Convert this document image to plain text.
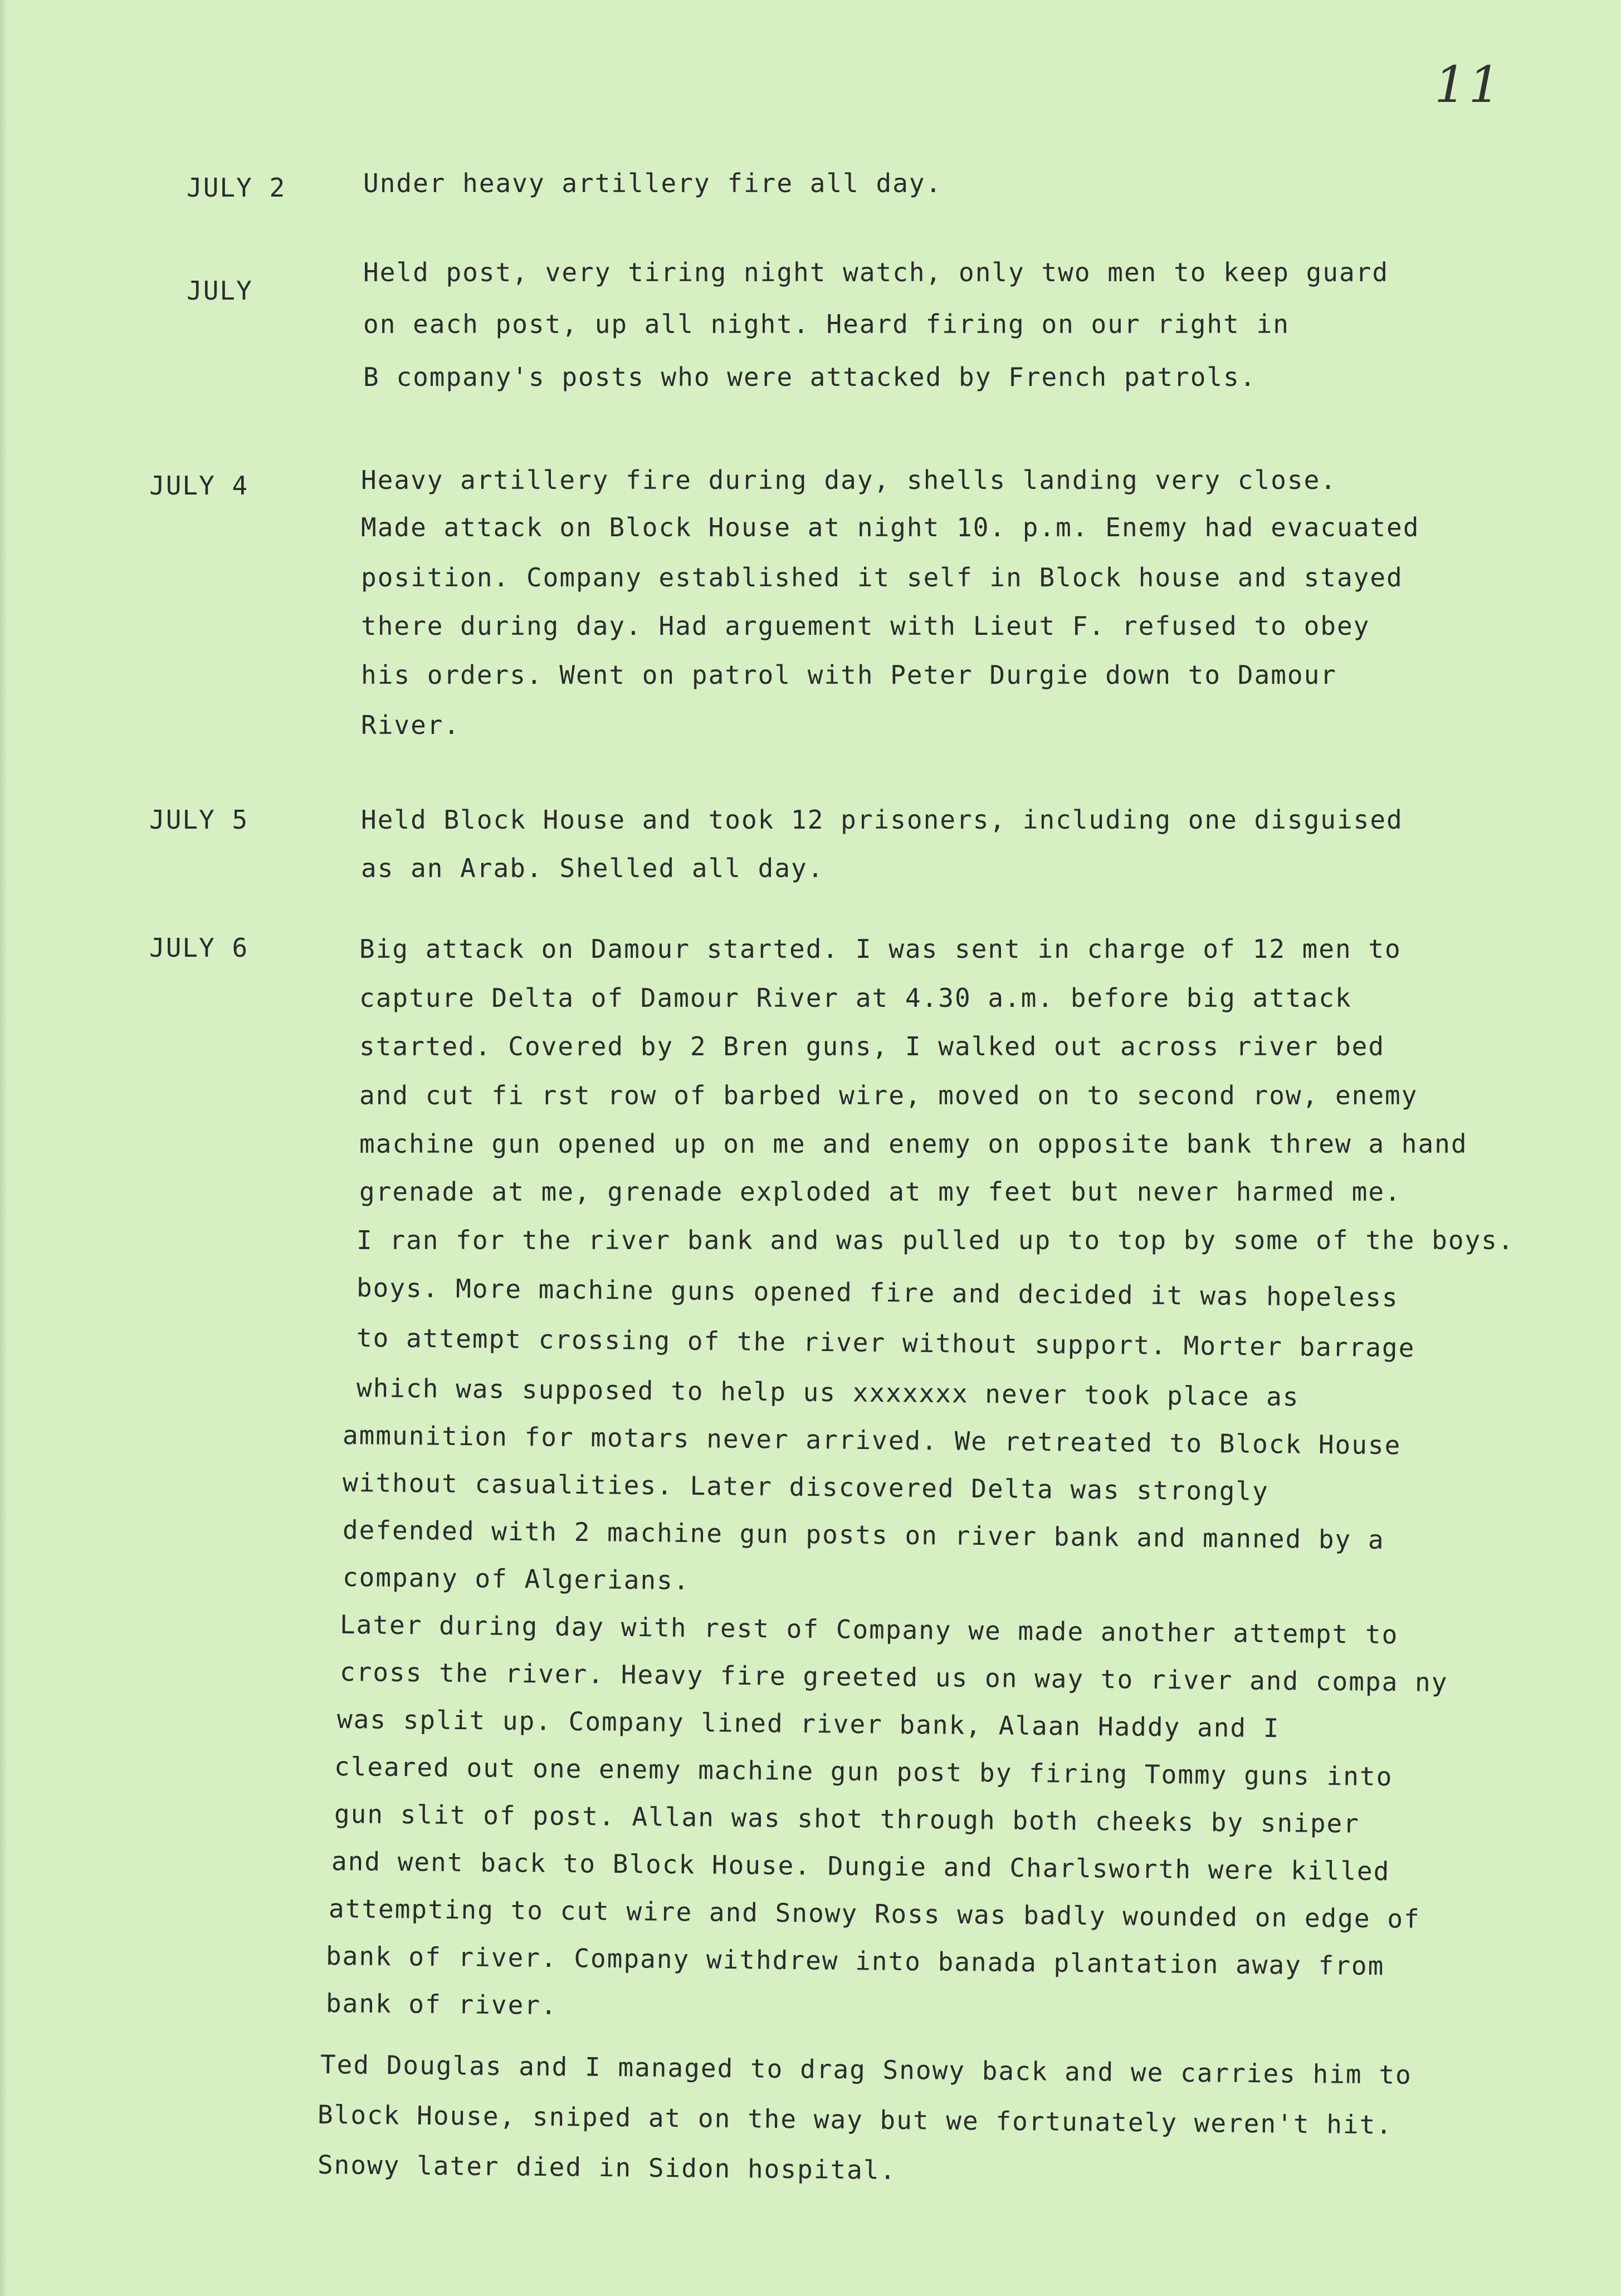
11
JULY 2	Under heavy artillery fire all day.
JULY
Held post, very tiring night watch, only two men to keep guard
on each post, up all night. Heard firing on our right in
B company's posts who were attacked by French patrols.
JULY 4	Heavy artillery fire during day, shells landing very close.
Made attack on Block House at night 10. p.m. Enemy had evacuated
position. Company established it self in Block house and stayed
there during day. Had arguement with Lieut F. refused to obey
his orders. Went on patrol with Peter Durgie down to Damour
River.
JULY 5	Held Block House and took 12 prisoners, including one disguised
as an Arab. Shelled all day.
JULY 6	Big attack on Damour started. I was sent in charge of 12 men to
capture Delta of Damour River at 4.30 a.m. before big attack
started. Covered by 2 Bren guns, I walked out across river bed
and cut fi rst row of barbed wire, moved on to second row, enemy
machine gun opened up on me and enemy on opposite bank threw a hand
grenade at me, grenade exploded at my feet but never harmed me.
I ran for the river bank and was pulled up to top by some of the boys.
boys. More machine guns opened fire and decided it was hopeless
to attempt crossing of the river without support. Morter barrage
which was supposed to help us xxxxxxx never took place as
ammunition for motars never arrived. We retreated to Block House
without casualities. Later discovered Delta was strongly
defended with 2 machine gun posts on river bank and manned by a
company of Algerians.
Later during day with rest of Company we made another attempt to
cross the river. Heavy fire greeted us on way to river and compa ny
was split up. Company lined river bank, Alaan Haddy and I
cleared out one enemy machine gun post by firing Tommy guns into
gun slit of post. Allan was shot through both cheeks by sniper
and went back to Block House. Dungie and Charlsworth were killed
attempting to cut wire and Snowy Ross was badly wounded on edge of
bank of river. Company withdrew into banada plantation away from
bank of river.
Ted Douglas and I managed to drag Snowy back and we carries him to
Block House, sniped at on the way but we fortunately weren't hit.
Snowy later died in Sidon hospital.
